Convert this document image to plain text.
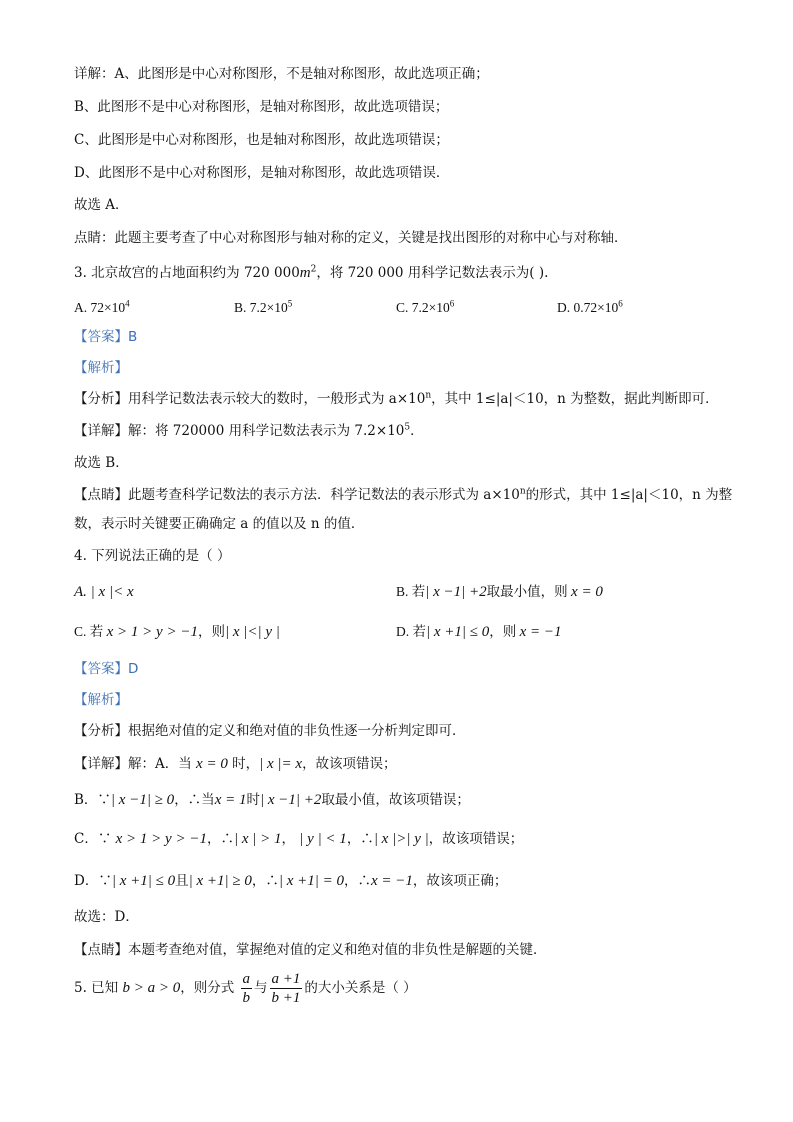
详解：A、此图形是中心对称图形，不是轴对称图形，故此选项正确；
B、此图形不是中心对称图形，是轴对称图形，故此选项错误；
C、此图形是中心对称图形，也是轴对称图形，故此选项错误；
D、此图形不是中心对称图形，是轴对称图形，故此选项错误．
故选 A．
点睛：此题主要考查了中心对称图形与轴对称的定义，关键是找出图形的对称中心与对称轴．
3. 北京故宫的占地面积约为 720 $000m^2$，将 720 000 用科学记数法表示为( ).
A. $72\times 10^4$	B. $7.2\times 10^5$	C. $7.2\times 10^6$	D. $0.72\times 10^6$
【答案】B
【解析】
【分析】用科学记数法表示较大的数时，一般形式为 $a\times 10^n$，其中 1≤|a|＜10，n 为整数，据此判断即可．
【详解】解：将 720000 用科学记数法表示为 $7.2\times 10^5$．
故选 B．
【点睛】此题考查科学记数法的表示方法．科学记数法的表示形式为 $a\times 10^n$的形式，其中 1≤|a|＜10，n 为整
数，表示时关键要正确确定 a 的值以及 n 的值．
4. 下列说法正确的是（ ）
A. | x |< x	B. 若| x −1| +2取最小值，则 x = 0
C. 若 x > 1 > y > −1，则| x |<| y |	D. 若| x +1| ≤ 0，则 x = −1
【答案】D
【解析】
【分析】根据绝对值的定义和绝对值的非负性逐一分析判定即可．
【详解】解：A．当 x = 0 时，| x |= x，故该项错误；
B．∵| x −1| ≥ 0，∴当x = 1时| x −1| +2取最小值，故该项错误；
C．∵ x > 1 > y > −1，∴| x | > 1， | y | < 1，∴| x |>| y |，故该项错误；
D．∵| x +1| ≤ 0且| x +1| ≥ 0，∴| x +1| = 0，∴x = −1，故该项正确；
故选：D．
【点睛】本题考查绝对值，掌握绝对值的定义和绝对值的非负性是解题的关键．
5. 已知 b > a > 0，则分式 $\frac{a}{b}$ 与 $\frac{a +1}{b +1}$ 的大小关系是（ ）
